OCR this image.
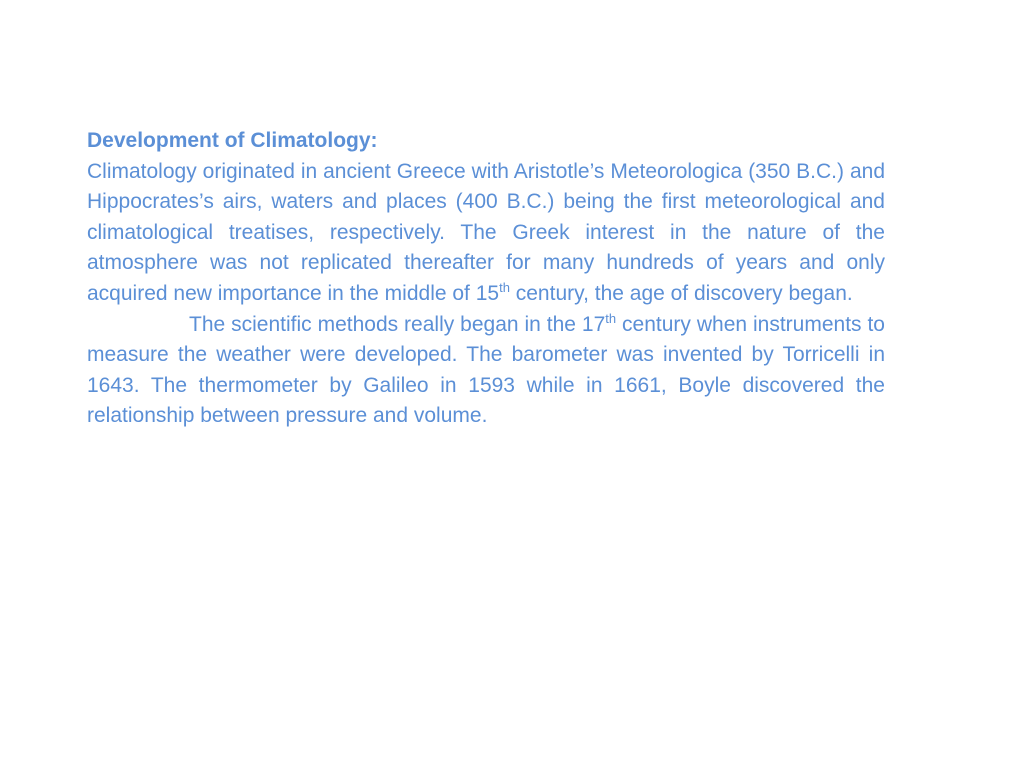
Development of Climatology:

Climatology originated in ancient Greece with Aristotle’s Meteorologica (350 B.C.) and Hippocrates’s airs, waters and places (400 B.C.) being the first meteorological and climatological treatises, respectively. The Greek interest in the nature of the atmosphere was not replicated thereafter for many hundreds of years and only acquired new importance in the middle of 15th century, the age of discovery began.

The scientific methods really began in the 17th century when instruments to measure the weather were developed. The barometer was invented by Torricelli in 1643. The thermometer by Galileo in 1593 while in 1661, Boyle discovered the relationship between pressure and volume.
